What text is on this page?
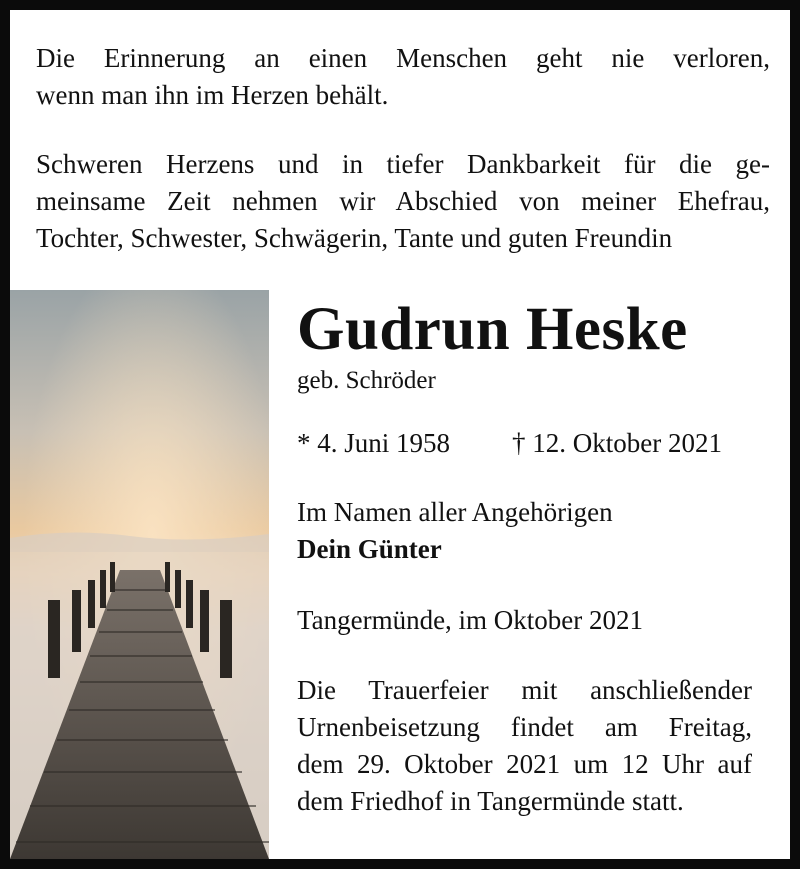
Die Erinnerung an einen Menschen geht nie verloren,
wenn man ihn im Herzen behält.
Schweren Herzens und in tiefer Dankbarkeit für die ge-
meinsame Zeit nehmen wir Abschied von meiner Ehefrau,
Tochter, Schwester, Schwägerin, Tante und guten Freundin
Gudrun Heske
geb. Schröder
* 4. Juni 1958 † 12. Oktober 2021
Im Namen aller Angehörigen
Dein Günter
Tangermünde, im Oktober 2021
Die Trauerfeier mit anschließender
Urnenbeisetzung findet am Freitag,
dem 29. Oktober 2021 um 12 Uhr auf
dem Friedhof in Tangermünde statt.
